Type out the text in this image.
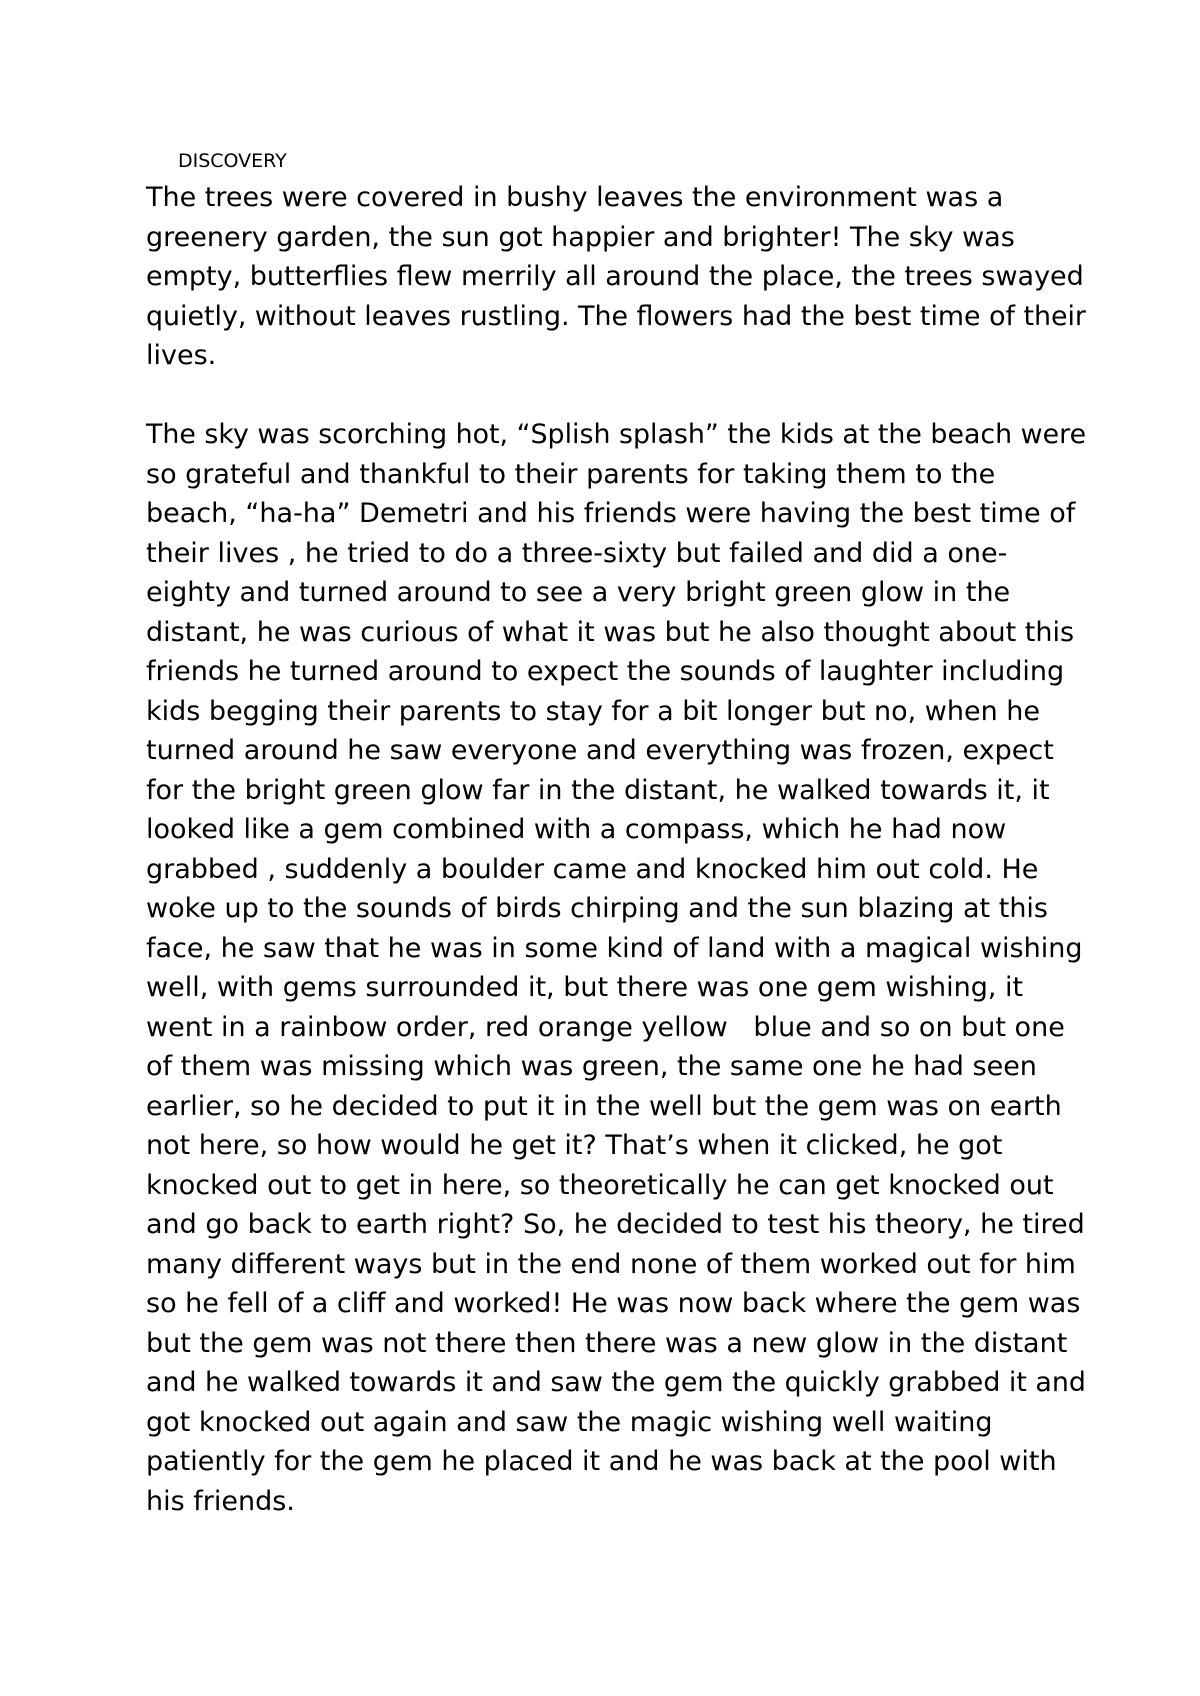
DISCOVERY
The trees were covered in bushy leaves the environment was a
greenery garden, the sun got happier and brighter! The sky was
empty, butterflies flew merrily all around the place, the trees swayed
quietly, without leaves rustling. The flowers had the best time of their
lives.
The sky was scorching hot, “Splish splash” the kids at the beach were
so grateful and thankful to their parents for taking them to the
beach, “ha-ha” Demetri and his friends were having the best time of
their lives , he tried to do a three-sixty but failed and did a one-
eighty and turned around to see a very bright green glow in the
distant, he was curious of what it was but he also thought about this
friends he turned around to expect the sounds of laughter including
kids begging their parents to stay for a bit longer but no, when he
turned around he saw everyone and everything was frozen, expect
for the bright green glow far in the distant, he walked towards it, it
looked like a gem combined with a compass, which he had now
grabbed , suddenly a boulder came and knocked him out cold. He
woke up to the sounds of birds chirping and the sun blazing at this
face, he saw that he was in some kind of land with a magical wishing
well, with gems surrounded it, but there was one gem wishing, it
went in a rainbow order, red orange yellow   blue and so on but one
of them was missing which was green, the same one he had seen
earlier, so he decided to put it in the well but the gem was on earth
not here, so how would he get it? That’s when it clicked, he got
knocked out to get in here, so theoretically he can get knocked out
and go back to earth right? So, he decided to test his theory, he tired
many different ways but in the end none of them worked out for him
so he fell of a cliff and worked! He was now back where the gem was
but the gem was not there then there was a new glow in the distant
and he walked towards it and saw the gem the quickly grabbed it and
got knocked out again and saw the magic wishing well waiting
patiently for the gem he placed it and he was back at the pool with
his friends.
